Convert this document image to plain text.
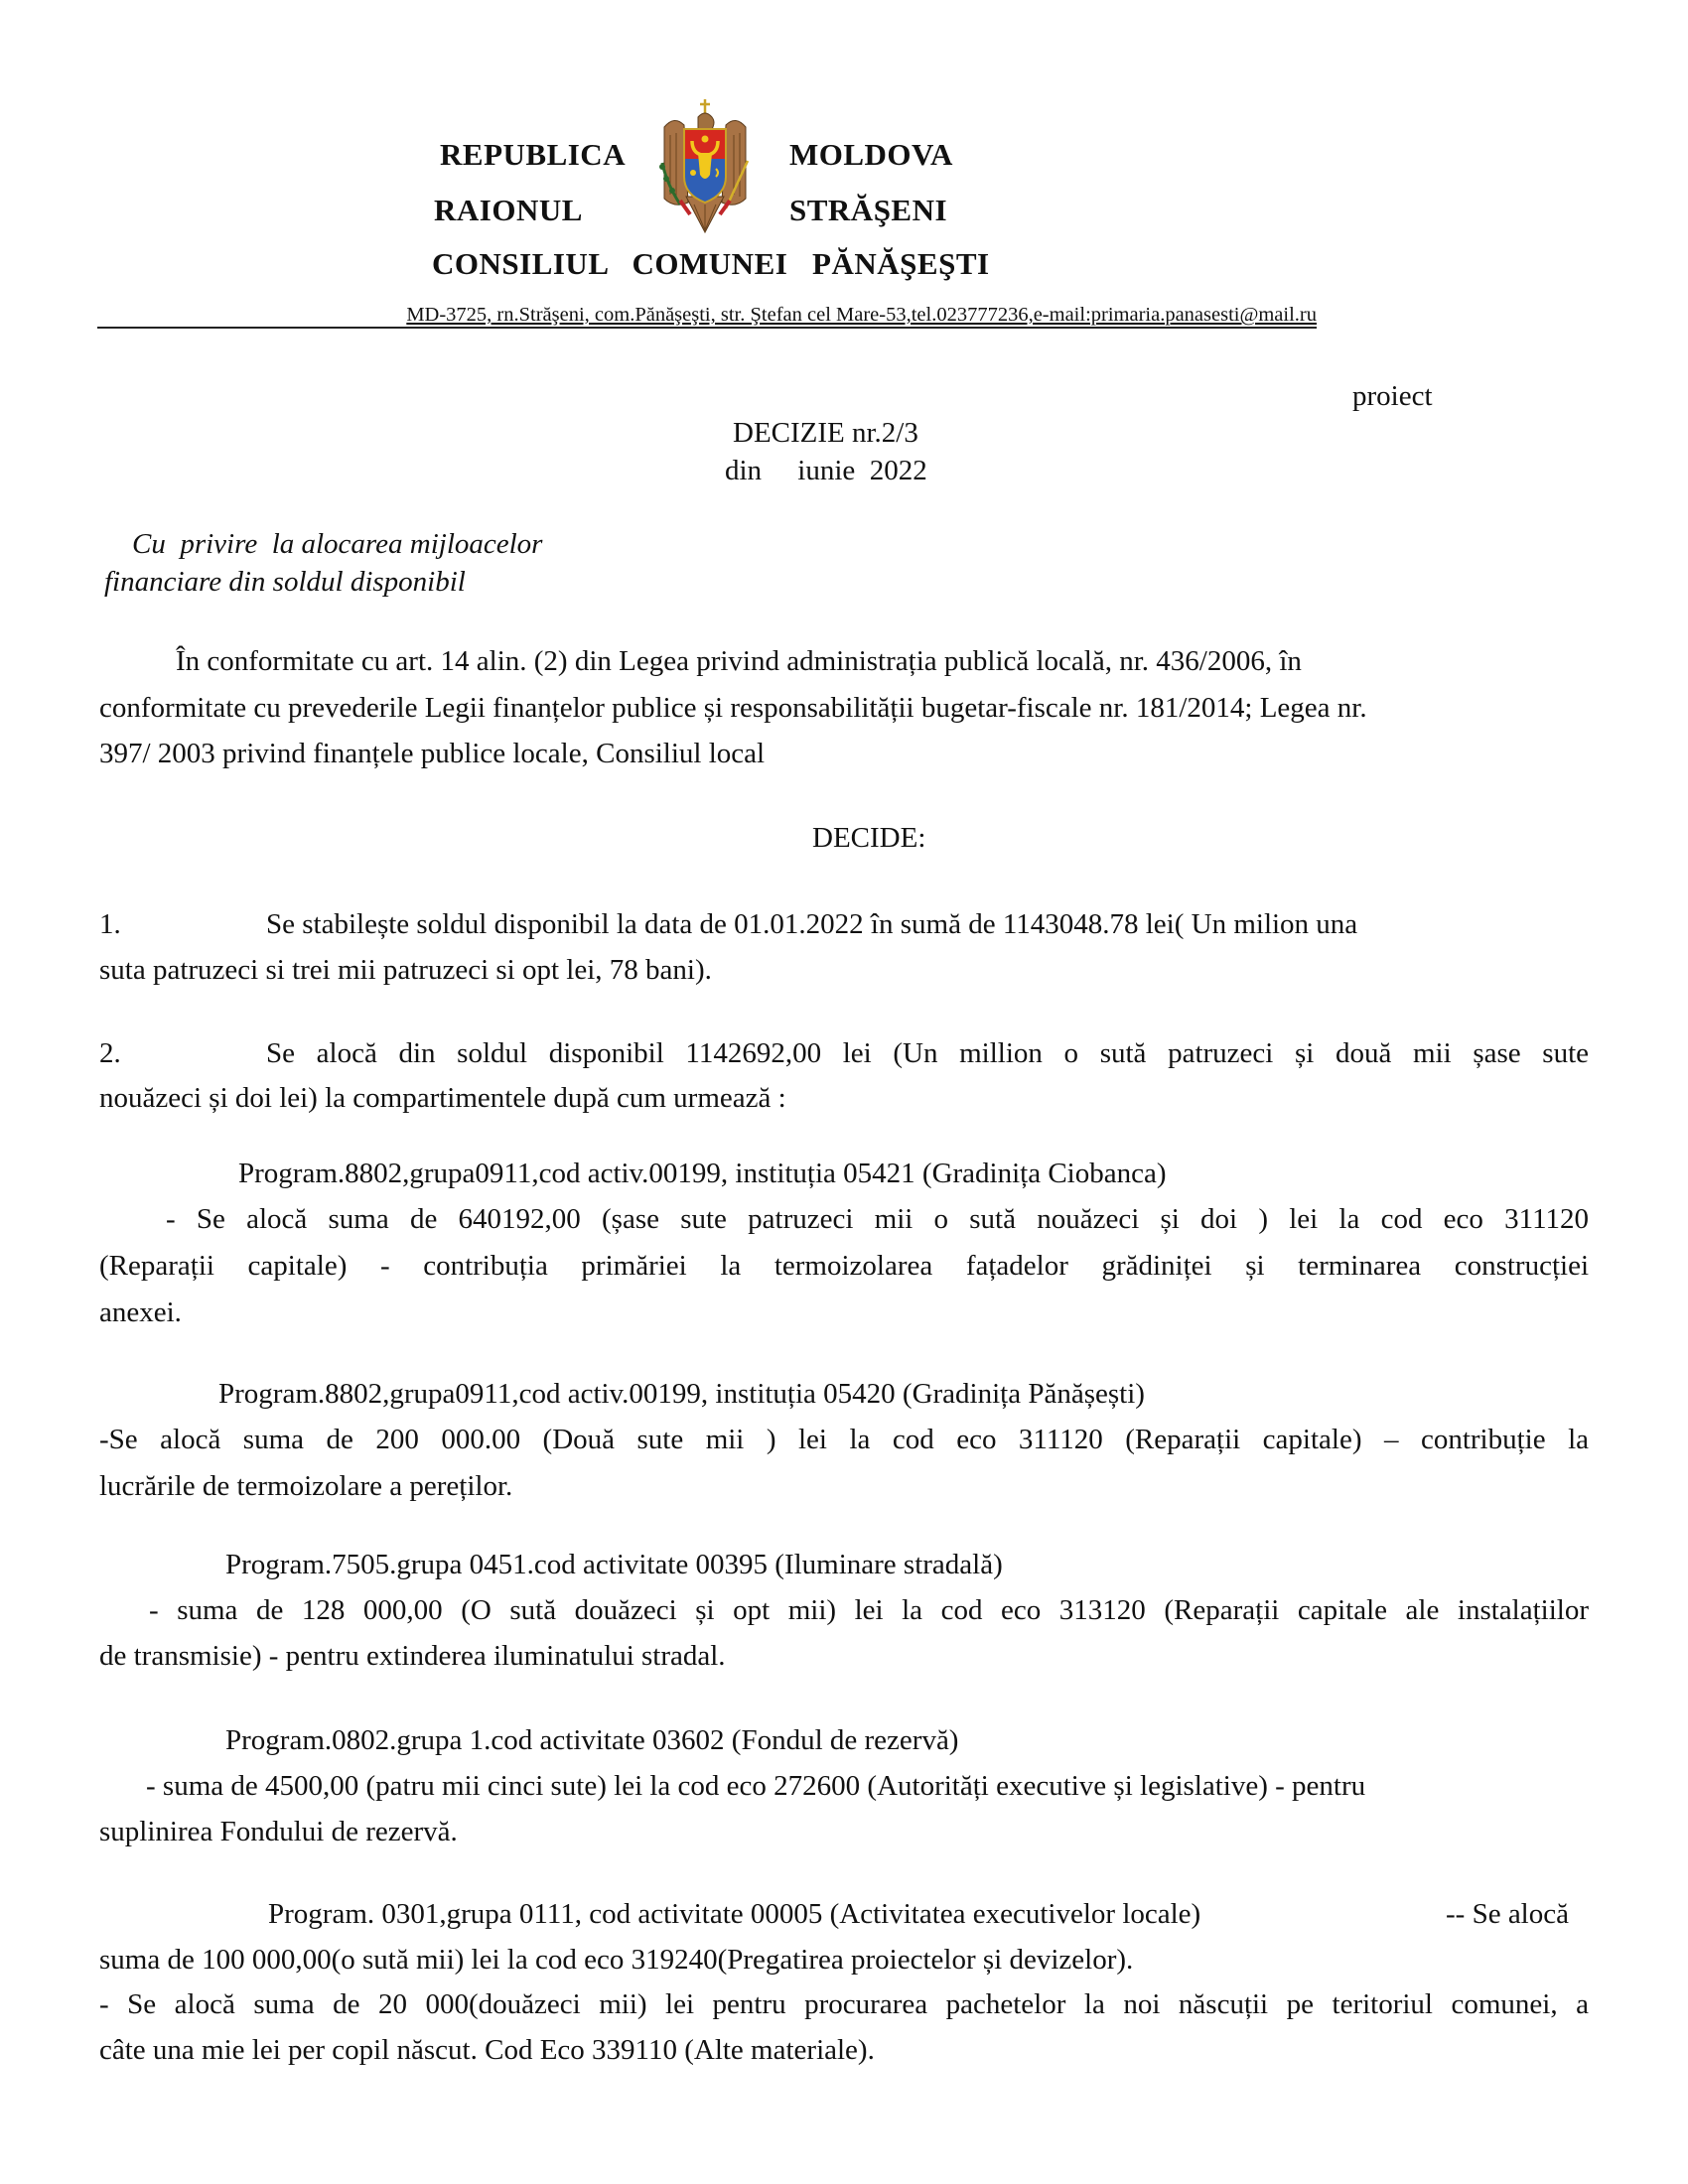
REPUBLICA	MOLDOVA
RAIONUL	STRĂŞENI
CONSILIUL   COMUNEI   PĂNĂŞEŞTI
MD-3725, rn.Străşeni, com.Pănăşeşti, str. Ştefan cel Mare-53,tel.023777236,e-mail:primaria.panasesti@mail.ru
proiect
DECIZIE nr.2/3
din     iunie  2022
Cu  privire  la alocarea mijloacelor
financiare din soldul disponibil
În conformitate cu art. 14 alin. (2) din Legea privind administrația publică locală, nr. 436/2006, în
conformitate cu prevederile Legii finanțelor publice și responsabilității bugetar-fiscale nr. 181/2014; Legea nr.
397/ 2003 privind finanțele publice locale, Consiliul local
DECIDE:
1.	Se stabilește soldul disponibil la data de 01.01.2022 în sumă de 1143048.78 lei( Un milion una
suta patruzeci si trei mii patruzeci si opt lei, 78 bani).
2.	Se alocă din soldul disponibil 1142692,00 lei (Un million o sută patruzeci și două mii șase sute
nouăzeci și doi lei) la compartimentele după cum urmează :
Program.8802,grupa0911,cod activ.00199, instituția 05421 (Gradinița Ciobanca)
- Se alocă suma de 640192,00 (șase sute patruzeci mii o sută nouăzeci și doi ) lei la cod eco 311120
(Reparații capitale) - contribuția primăriei la termoizolarea fațadelor grădiniței și terminarea construcției
anexei.
Program.8802,grupa0911,cod activ.00199, instituția 05420 (Gradinița Pănășești)
-Se alocă suma de 200 000.00 (Două sute mii ) lei la cod eco 311120 (Reparații capitale) – contribuție la
lucrările de termoizolare a pereților.
Program.7505.grupa 0451.cod activitate 00395 (Iluminare stradală)
- suma de 128 000,00 (O sută douăzeci și opt mii) lei la cod eco 313120 (Reparații capitale ale instalațiilor
de transmisie) - pentru extinderea iluminatului stradal.
Program.0802.grupa 1.cod activitate 03602 (Fondul de rezervă)
- suma de 4500,00 (patru mii cinci sute) lei la cod eco 272600 (Autorități executive și legislative) - pentru
suplinirea Fondului de rezervă.
Program. 0301,grupa 0111, cod activitate 00005 (Activitatea executivelor locale)	-- Se alocă
suma de 100 000,00(o sută mii) lei la cod eco 319240(Pregatirea proiectelor și devizelor).
- Se alocă suma de 20 000(douăzeci mii) lei pentru procurarea pachetelor la noi născuții pe teritoriul comunei, a
câte una mie lei per copil născut. Cod Eco 339110 (Alte materiale).
